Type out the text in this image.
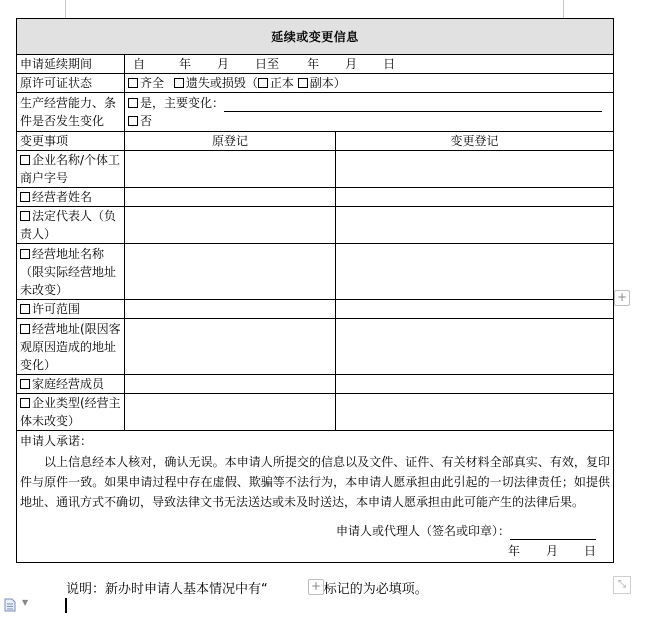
延续或变更信息		
申请延续期间	自 年 月 日至 年 月 日	
原许可证状态	齐全 遗失或损毁（ 正本 副本）	
生产经营能力、条件是否发生变化	是，主要变化：
否	

变更事项	原登记	变更登记
企业名称/个体工商户字号		
经营者姓名		
法定代表人（负责人）		
经营地址名称（限实际经营地址未改变）		
许可范围		
经营地址(限因客观原因造成的地址变化）		
家庭经营成员		
企业类型(经营主体未改变）		

申请人承诺：
以上信息经本人核对，确认无误。本申请人所提交的信息以及文件、证件、有关材料全部真实、有效，复印件与原件一致。如果申请过程中存在虚假、欺骗等不法行为，本申请人愿承担由此引起的一切法律责任；如提供地址、通讯方式不确切，导致法律文书无法送达或未及时送达，本申请人愿承担由此可能产生的法律后果。
申请人或代理人（签名或印章）：
年 月 日		
+
说明：新办时申请人基本情况中有“	标记的为必填项。
+	⤡
▼
